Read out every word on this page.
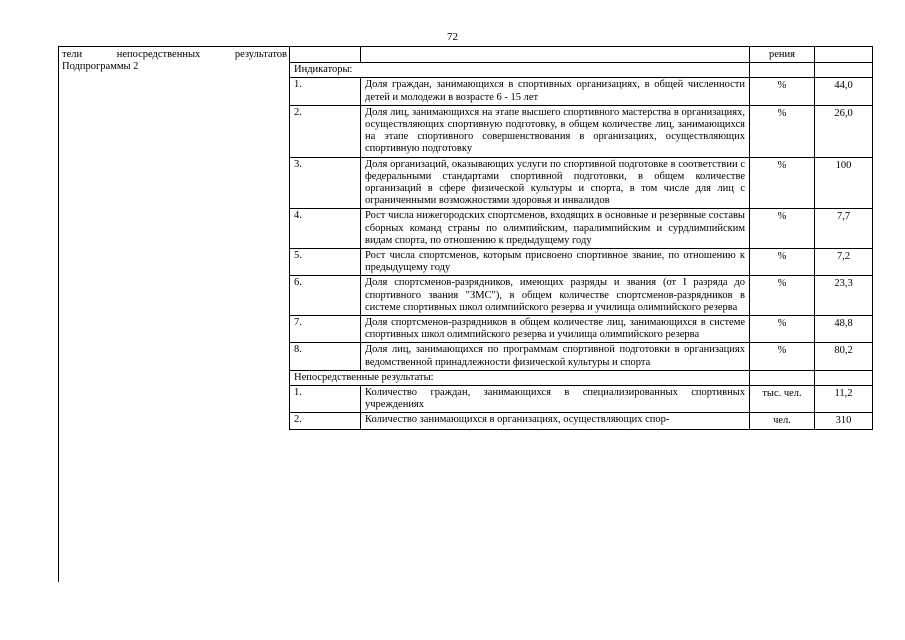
72
тели непосредственных результатов
Подпрограммы 2
		рения	
Индикаторы:			
1.	Доля граждан, занимающихся в спортивных организациях, в общей численности детей и молодежи в возрасте 6 - 15 лет	%	44,0
2.	Доля лиц, занимающихся на этапе высшего спортивного мастерства в организациях, осуществляющих спортивную подготовку, в общем количестве лиц, занимающихся на этапе спортивного совершенствования в организациях, осуществляющих спортивную подготовку	%	26,0
3.	Доля организаций, оказывающих услуги по спортивной подготовке в соответствии с федеральными стандартами спортивной подготовки, в общем количестве организаций в сфере физической культуры и спорта, в том числе для лиц с ограниченными возможностями здоровья и инвалидов	%	100
4.	Рост числа нижегородских спортсменов, входящих в основные и резервные составы сборных команд страны по олимпийским, паралимпийским и сурдлимпийским видам спорта, по отношению к предыдущему году	%	7,7
5.	Рост числа спортсменов, которым присвоено спортивное звание, по отношению к предыдущему году	%	7,2
6.	Доля спортсменов-разрядников, имеющих разряды и звания (от I разряда до спортивного звания "ЗМС"), в общем количестве спортсменов-разрядников в системе спортивных школ олимпийского резерва и училища олимпийского резерва	%	23,3
7.	Доля спортсменов-разрядников в общем количестве лиц, занимающихся в системе спортивных школ олимпийского резерва и училища олимпийского резерва	%	48,8
8.	Доля лиц, занимающихся по программам спортивной подготовки в организациях ведомственной принадлежности физической культуры и спорта	%	80,2
Непосредственные результаты:			
1.	Количество граждан, занимающихся в специализированных спортивных учреждениях	тыс. чел.	11,2
2.	Количество занимающихся в организациях, осуществляющих спор-	чел.	310
